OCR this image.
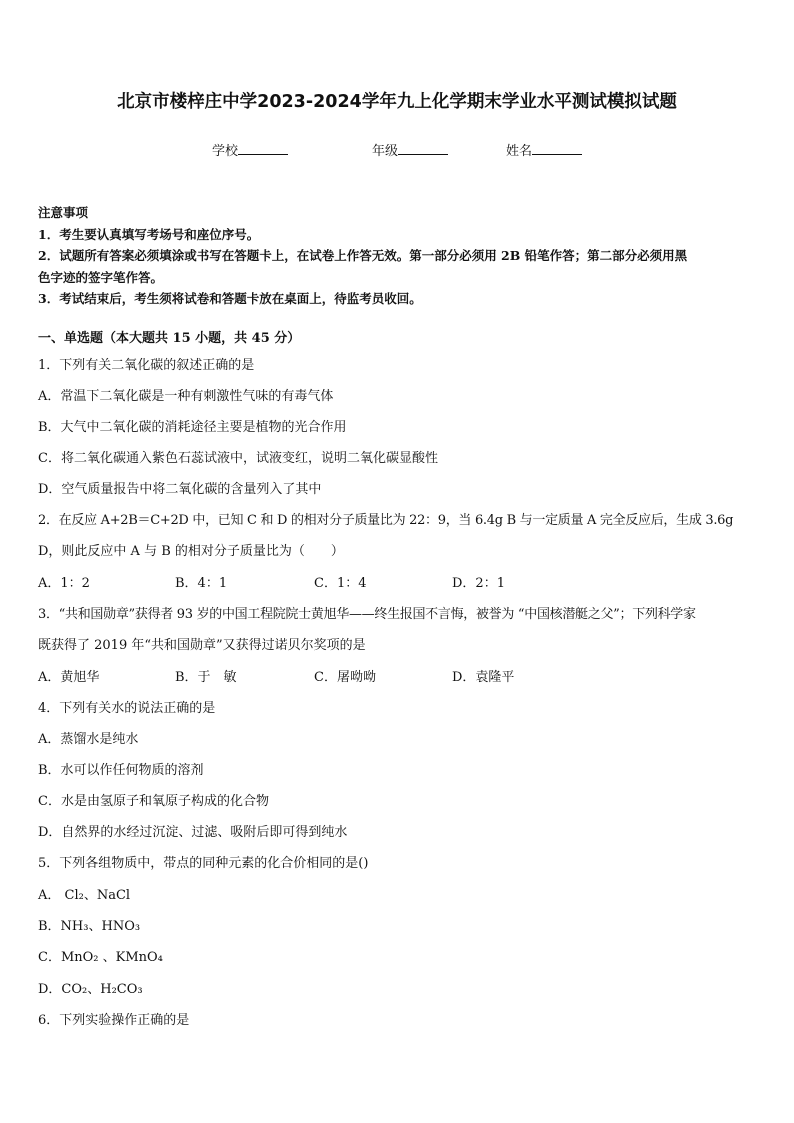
北京市楼梓庄中学2023-2024学年九上化学期末学业水平测试模拟试题
学校	年级	姓名
注意事项
1．考生要认真填写考场号和座位序号。
2．试题所有答案必须填涂或书写在答题卡上，在试卷上作答无效。第一部分必须用 2B 铅笔作答；第二部分必须用黑
色字迹的签字笔作答。
3．考试结束后，考生须将试卷和答题卡放在桌面上，待监考员收回。
一、单选题（本大题共 15 小题，共 45 分）
1．下列有关二氧化碳的叙述正确的是
A．常温下二氧化碳是一种有刺激性气味的有毒气体
B．大气中二氧化碳的消耗途径主要是植物的光合作用
C．将二氧化碳通入紫色石蕊试液中，试液变红，说明二氧化碳显酸性
D．空气质量报告中将二氧化碳的含量列入了其中
2．在反应 A+2B＝C+2D 中，已知 C 和 D 的相对分子质量比为 22：9，当 6.4g B 与一定质量 A 完全反应后，生成 3.6g
D，则此反应中 A 与 B 的相对分子质量比为（　　）
A．1：2	B．4：1	C．1：4	D．2：1
3．“共和国勋章”获得者 93 岁的中国工程院院士黄旭华——终生报国不言悔，被誉为 “中国核潜艇之父”；下列科学家
既获得了 2019 年“共和国勋章”又获得过诺贝尔奖项的是
A．黄旭华	B．于　敏	C．屠呦呦	D．袁隆平
4．下列有关水的说法正确的是
A．蒸馏水是纯水
B．水可以作任何物质的溶剂
C．水是由氢原子和氧原子构成的化合物
D．自然界的水经过沉淀、过滤、吸附后即可得到纯水
5．下列各组物质中，带点的同种元素的化合价相同的是()
A． Cl₂、NaCl
B．NH₃、HNO₃
C．MnO₂ 、KMnO₄
D．CO₂、H₂CO₃
6．下列实验操作正确的是
